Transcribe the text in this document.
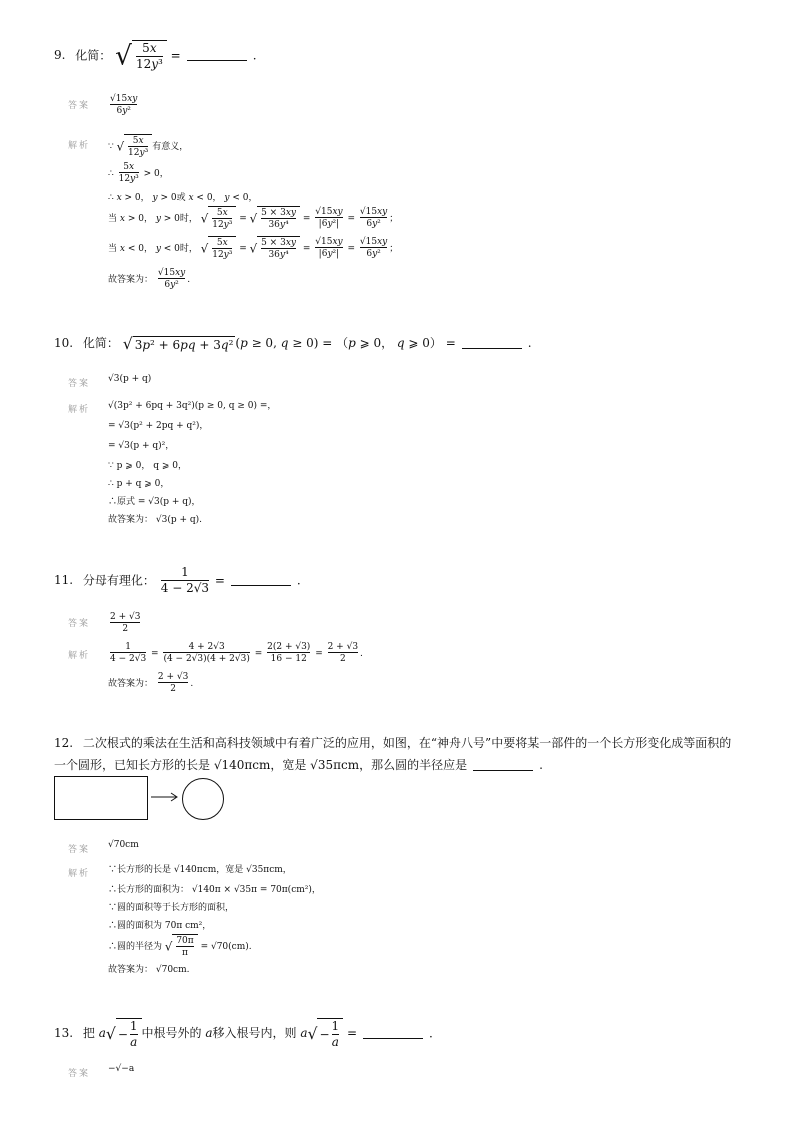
9. 化简： √ $\frac{5x}{\text{12y³}}$ =	.
答案 $\frac{√15xy}{\text{6y²}}$
解析 ∵ √ $\frac{5x}{\text{12y³}}$ 有意义，
∴ $\frac{5x}{\text{12y³}} > 0$，
∴ x > 0， y > 0或 x < 0， y < 0，
当 x > 0， y > 0时， √ $\frac{5x}{\text{12y³}}$ = √ $\frac{5 \times 3xy}{\text{36y⁴}} = \frac{√15xy}{\text{|6y²|}} = \frac{√15xy}{\text{6y²}}$ ；
当 x < 0， y < 0时， √ $\frac{5x}{\text{12y³}}$ = √ $\frac{5 \times 3xy}{\text{36y⁴}} = \frac{√15xy}{\text{|6y²|}} = \frac{√15xy}{\text{6y²}}$ ；
故答案为： $\frac{√15xy}{\text{6y²}}$ .
10. 化简： √ 3p² + 6pq + 3q² (p ≥ 0, q ≥ 0) = （p ⩾ 0， q ⩾ 0） =	.
答案 √3(p + q)
解析 √(3p² + 6pq + 3q²)(p ≥ 0, q ≥ 0) =，
= √3(p² + 2pq + q²)，
= √3(p + q)²，
∵ p ⩾ 0， q ⩾ 0，
∴ p + q ⩾ 0，
∴原式 = √3(p + q)，
故答案为： √3(p + q).
11. 分母有理化： $\frac{1}{4 - 2√3}$ =	.
答案 $\frac{2 + √3}{2}$
解析 $\frac{1}{4 - 2√3} = \frac{4 + 2√3}{(4 - 2√3)(4 + 2√3)} = \frac{2(2 + √3)}{16 - 12} = \frac{2 + √3}{2}$ .
故答案为： $\frac{2 + √3}{2}$ .
12. 二次根式的乘法在生活和高科技领域中有着广泛的应用，如图，在“神舟八号”中要将某一部件的一个长方形变化成等面积的
一个圆形，已知长方形的长是 √140πcm，宽是 √35πcm，那么圆的半径应是	.
答案 √70cm
解析 ∵长方形的长是 √140πcm，宽是 √35πcm，
∴长方形的面积为： √140π × √35π = 70π(cm²)，
∵圆的面积等于长方形的面积，
∴圆的面积为 70π cm²，
∴圆的半径为 √ $\frac{70\pi}{\pi} = √70(cm)$.
故答案为： √70cm.
13. 把 $a√ - \frac{1}{a}$ 中根号外的 a移入根号内，则 $a√ - \frac{1}{a}$ =	.
答案 −√−a
